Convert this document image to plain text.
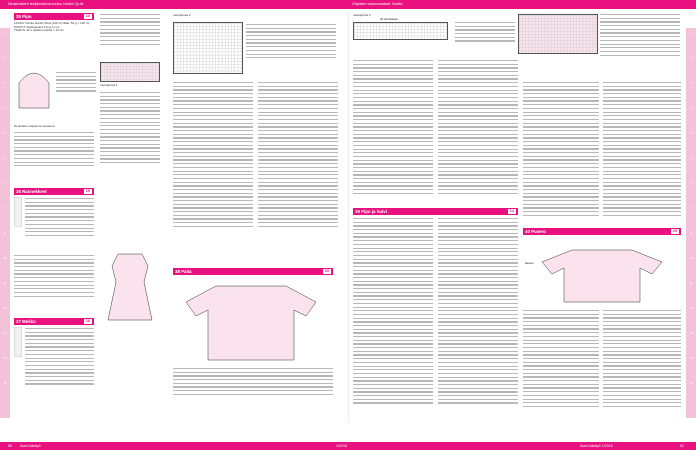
Neulemallien tekijänoikeus kuuluu Novita Oy:lle.	Ohjeiden valokuvaukset: Novita
1
2
3
4
5
6
7
8
9
10
11
12
13
14
15
1
2
3
4
5
6
7
8
9
10
11
12
13
14
15
35 Pipo	13
LANKA: Novita Nordic Wool (100 % villaa, 50 g = 125 m)
PUIKOT: Sukkapuikot 3,5 ja 4 mm
TIHEYS: 22 s sileää neuletta = 10 cm
Neulotaan suljettuna neuleena
36 Rannekkeet	15
37 Mekko	16
ruutupiirros 1
ruutupiirros 2
38 Paita	33
ruutupiirros 3
24 silmukkaa
39 Pipo ja huivi	14
40 Pusero	25
kaavio
80 Suuri käsityö	1/2016	Suuri käsityö 1/2016	81
